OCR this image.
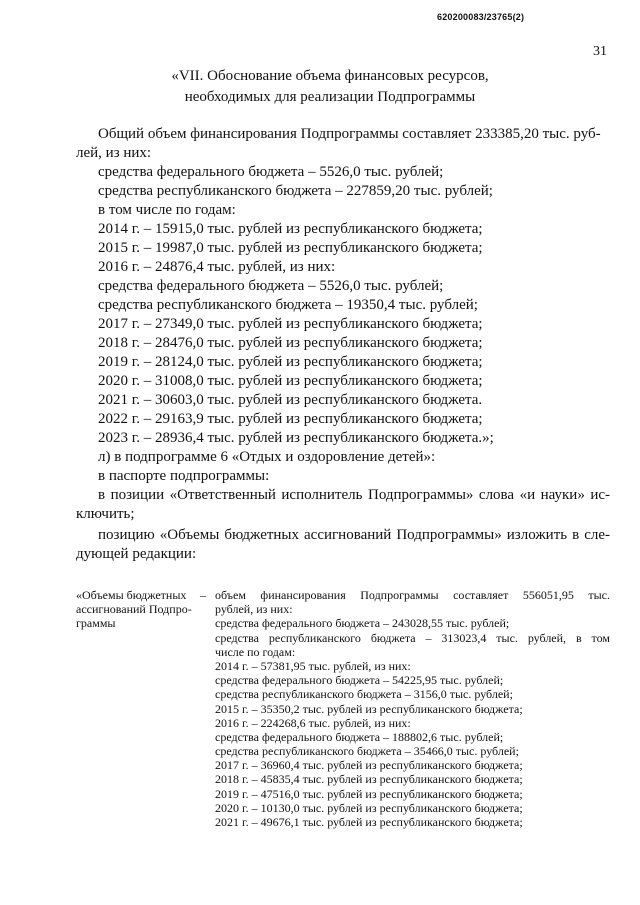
620200083/23765(2)
31
«VII. Обоснование объема финансовых ресурсов,
необходимых для реализации Подпрограммы
Общий объем финансирования Подпрограммы составляет 233385,20 тыс. руб-
лей, из них:
средства федерального бюджета – 5526,0 тыс. рублей;
средства республиканского бюджета – 227859,20 тыс. рублей;
в том числе по годам:
2014 г. – 15915,0 тыс. рублей из республиканского бюджета;
2015 г. – 19987,0 тыс. рублей из республиканского бюджета;
2016 г. – 24876,4 тыс. рублей, из них:
средства федерального бюджета – 5526,0 тыс. рублей;
средства республиканского бюджета – 19350,4 тыс. рублей;
2017 г. – 27349,0 тыс. рублей из республиканского бюджета;
2018 г. – 28476,0 тыс. рублей из республиканского бюджета;
2019 г. – 28124,0 тыс. рублей из республиканского бюджета;
2020 г. – 31008,0 тыс. рублей из республиканского бюджета;
2021 г. – 30603,0 тыс. рублей из республиканского бюджета.
2022 г. – 29163,9 тыс. рублей из республиканского бюджета;
2023 г. – 28936,4 тыс. рублей из республиканского бюджета.»;
л) в подпрограмме 6 «Отдых и оздоровление детей»:
в паспорте подпрограммы:
в позиции «Ответственный исполнитель Подпрограммы» слова «и науки» ис-
ключить;
позицию «Объемы бюджетных ассигнований Подпрограммы» изложить в сле-
дующей редакции:
«Объемы бюджетных
ассигнований Подпро-
граммы
– объем финансирования Подпрограммы составляет 556051,95 тыс.
рублей, из них:
средства федерального бюджета – 243028,55 тыс. рублей;
средства республиканского бюджета – 313023,4 тыс. рублей, в том
числе по годам:
2014 г. – 57381,95 тыс. рублей, из них:
средства федерального бюджета – 54225,95 тыс. рублей;
средства республиканского бюджета – 3156,0 тыс. рублей;
2015 г. – 35350,2 тыс. рублей из республиканского бюджета;
2016 г. – 224268,6 тыс. рублей, из них:
средства федерального бюджета – 188802,6 тыс. рублей;
средства республиканского бюджета – 35466,0 тыс. рублей;
2017 г. – 36960,4 тыс. рублей из республиканского бюджета;
2018 г. – 45835,4 тыс. рублей из республиканского бюджета;
2019 г. – 47516,0 тыс. рублей из республиканского бюджета;
2020 г. – 10130,0 тыс. рублей из республиканского бюджета;
2021 г. – 49676,1 тыс. рублей из республиканского бюджета;
